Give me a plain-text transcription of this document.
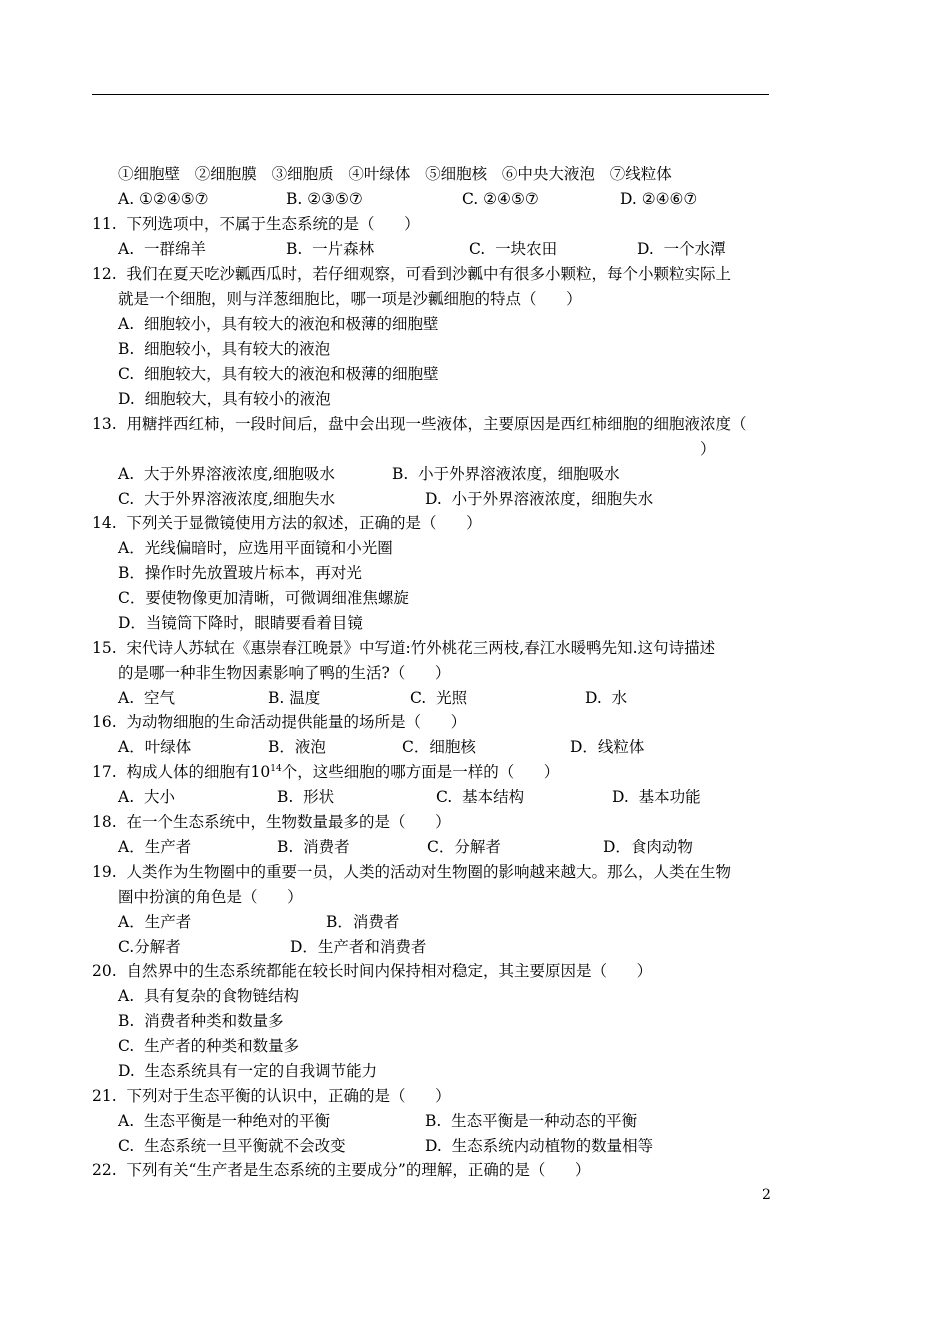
①细胞壁   ②细胞膜   ③细胞质   ④叶绿体   ⑤细胞核   ⑥中央大液泡   ⑦线粒体
A. ①②④⑤⑦	B. ②③⑤⑦	C. ②④⑤⑦	D. ②④⑥⑦
11.  下列选项中，不属于生态系统的是（      ）
A.  一群绵羊	B.  一片森林	C.  一块农田	D.  一个水潭
12.  我们在夏天吃沙瓤西瓜时，若仔细观察，可看到沙瓤中有很多小颗粒，每个小颗粒实际上
就是一个细胞，则与洋葱细胞比，哪一项是沙瓤细胞的特点（      ）
A.  细胞较小，具有较大的液泡和极薄的细胞壁
B.  细胞较小，具有较大的液泡
C.  细胞较大，具有较大的液泡和极薄的细胞壁
D.  细胞较大，具有较小的液泡
13.  用糖拌西红柿，一段时间后，盘中会出现一些液体，主要原因是西红柿细胞的细胞液浓度（
）
A.  大于外界溶液浓度,细胞吸水	B.  小于外界溶液浓度，细胞吸水
C.  大于外界溶液浓度,细胞失水	D.  小于外界溶液浓度，细胞失水
14.  下列关于显微镜使用方法的叙述，正确的是（      ）
A．光线偏暗时，应选用平面镜和小光圈
B．操作时先放置玻片标本，再对光
C．要使物像更加清晰，可微调细准焦螺旋
D．当镜筒下降时，眼睛要看着目镜
15.  宋代诗人苏轼在《惠崇春江晚景》中写道:竹外桃花三两枝,春江水暖鸭先知.这句诗描述
的是哪一种非生物因素影响了鸭的生活?（      ）
A.  空气	B. 温度	C.  光照	D.  水
16.  为动物细胞的生命活动提供能量的场所是（      ）
A．叶绿体	B．液泡	C．细胞核	D．线粒体
17.  构成人体的细胞有$10^{14}$个，这些细胞的哪方面是一样的（      ）
A.  大小	B.  形状	C.  基本结构	D.  基本功能
18.  在一个生态系统中，生物数量最多的是（      ）
A．生产者	B.  消费者	C．分解者	D．食肉动物
19.  人类作为生物圈中的重要一员，人类的活动对生物圈的影响越来越大。那么，人类在生物
圈中扮演的角色是（      ）
A．生产者	B．消费者
C.分解者	D．生产者和消费者
20.  自然界中的生态系统都能在较长时间内保持相对稳定，其主要原因是（      ）
A.  具有复杂的食物链结构
B.  消费者种类和数量多
C.  生产者的种类和数量多
D.  生态系统具有一定的自我调节能力
21.  下列对于生态平衡的认识中，正确的是（      ）
A.  生态平衡是一种绝对的平衡	B.  生态平衡是一种动态的平衡
C.  生态系统一旦平衡就不会改变	D.  生态系统内动植物的数量相等
22.  下列有关“生产者是生态系统的主要成分”的理解，正确的是（      ）
2
